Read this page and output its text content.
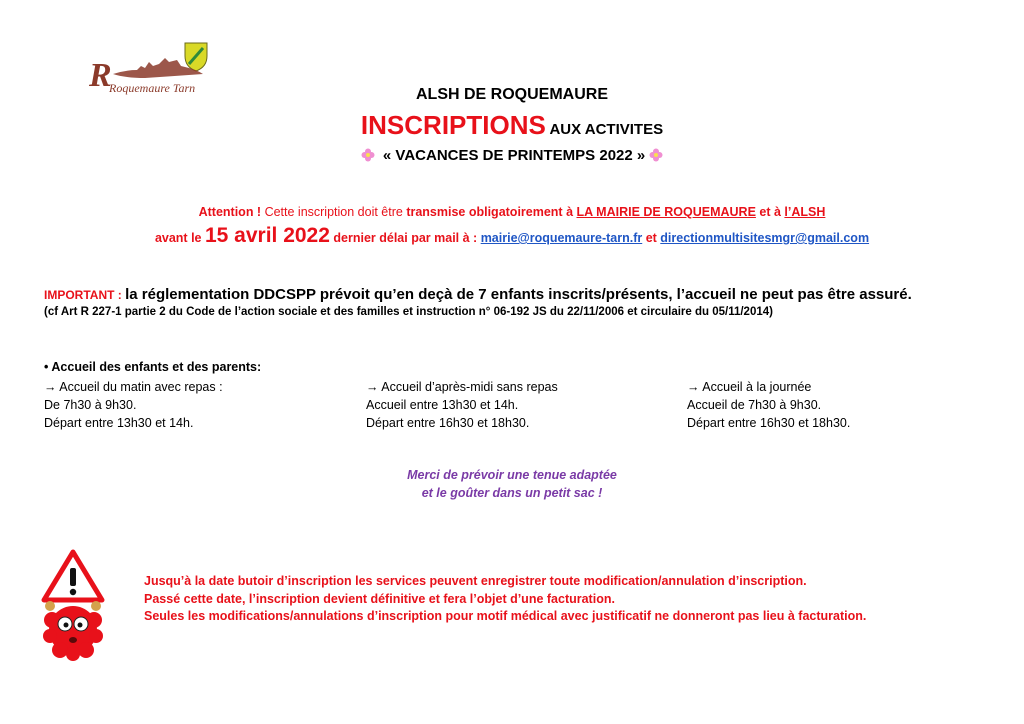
R
Roquemaure Tarn	ALSH DE ROQUEMAURE
INSCRIPTIONS AUX ACTIVITES
« VACANCES DE PRINTEMPS 2022 »
Attention ! Cette inscription doit être transmise obligatoirement à LA MAIRIE DE ROQUEMAURE et à l’ALSH
avant le 15 avril 2022 dernier délai par mail à : mairie@roquemaure-tarn.fr et directionmultisitesmgr@gmail.com
IMPORTANT : la réglementation DDCSPP prévoit qu’en deçà de 7 enfants inscrits/présents, l’accueil ne peut pas être assuré.
(cf Art R 227-1 partie 2 du Code de l’action sociale et des familles et instruction n° 06-192 JS du 22/11/2006 et circulaire du 05/11/2014)
• Accueil des enfants et des parents:
→ Accueil du matin avec repas :
De 7h30 à 9h30.
Départ entre 13h30 et 14h.
→ Accueil d’après-midi sans repas
Accueil entre 13h30 et 14h.
Départ entre 16h30 et 18h30.
→ Accueil à la journée
Accueil de 7h30 à 9h30.
Départ entre 16h30 et 18h30.
Merci de prévoir une tenue adaptée
et le goûter dans un petit sac !
Jusqu’à la date butoir d’inscription les services peuvent enregistrer toute modification/annulation d’inscription.
Passé cette date, l’inscription devient définitive et fera l’objet d’une facturation.
Seules les modifications/annulations d’inscription pour motif médical avec justificatif ne donneront pas lieu à facturation.
